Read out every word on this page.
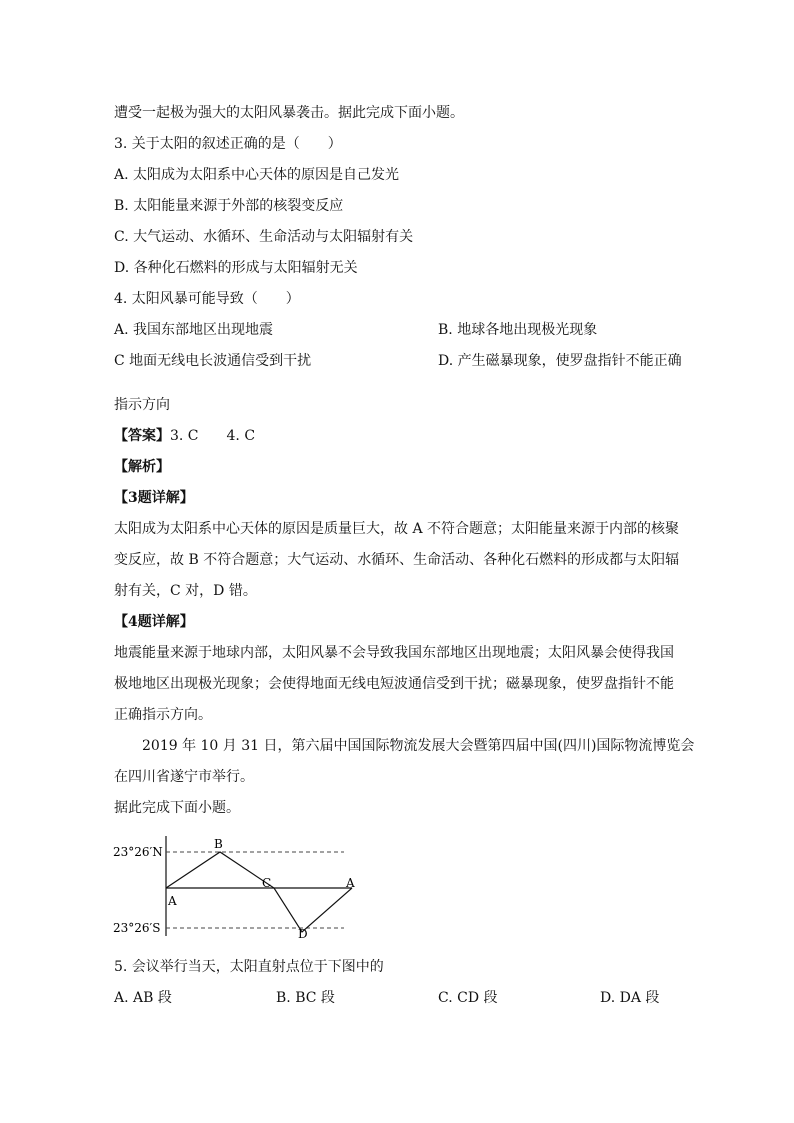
遭受一起极为强大的太阳风暴袭击。据此完成下面小题。
3. 关于太阳的叙述正确的是（　　）
A. 太阳成为太阳系中心天体的原因是自己发光
B. 太阳能量来源于外部的核裂变反应
C. 大气运动、水循环、生命活动与太阳辐射有关
D. 各种化石燃料的形成与太阳辐射无关
4. 太阳风暴可能导致（　　）
A. 我国东部地区出现地震	B. 地球各地出现极光现象
C 地面无线电长波通信受到干扰	D. 产生磁暴现象，使罗盘指针不能正确
指示方向
【答案】3. C　　4. C
【解析】
【3题详解】
太阳成为太阳系中心天体的原因是质量巨大，故 A 不符合题意；太阳能量来源于内部的核聚
变反应，故 B 不符合题意；大气运动、水循环、生命活动、各种化石燃料的形成都与太阳辐
射有关，C 对，D 错。
【4题详解】
地震能量来源于地球内部，太阳风暴不会导致我国东部地区出现地震；太阳风暴会使得我国
极地地区出现极光现象；会使得地面无线电短波通信受到干扰；磁暴现象，使罗盘指针不能
正确指示方向。
2019 年 10 月 31 日，第六届中国国际物流发展大会暨第四届中国(四川)国际物流博览会
在四川省遂宁市举行。
据此完成下面小题。
23°26′N
23°26′S
A
B
C
D
A
5. 会议举行当天，太阳直射点位于下图中的
A. AB 段	B. BC 段	C. CD 段	D. DA 段
